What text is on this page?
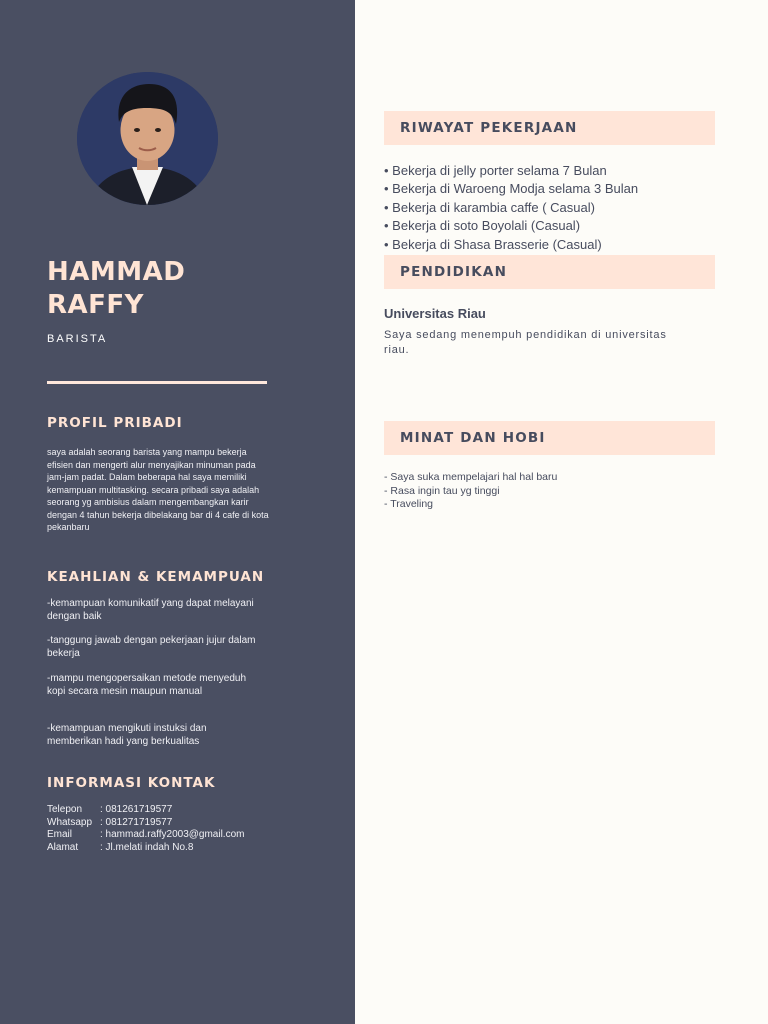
HAMMAD
RAFFY
BARISTA
PROFIL PRIBADI
saya adalah seorang barista yang mampu bekerja efisien dan mengerti alur menyajikan minuman pada jam-jam padat. Dalam beberapa hal saya memiliki kemampuan multitasking. secara pribadi saya adalah seorang yg ambisius dalam mengembangkan karir dengan 4 tahun bekerja dibelakang bar di 4 cafe di kota pekanbaru
KEAHLIAN & KEMAMPUAN
-kemampuan komunikatif yang dapat melayani dengan baik
-tanggung jawab dengan pekerjaan jujur dalam bekerja
-mampu mengopersaikan metode menyeduh kopi secara mesin maupun manual
-kemampuan mengikuti instuksi dan memberikan hadi yang berkualitas
INFORMASI KONTAK
Telepon	: 081261719577
Whatsapp : 081271719577
Email	: hammad.raffy2003@gmail.com
Alamat	: Jl.melati indah No.8
RIWAYAT PEKERJAAN
• Bekerja di jelly porter selama 7 Bulan
• Bekerja di Waroeng Modja selama 3 Bulan
• Bekerja di karambia caffe ( Casual)
• Bekerja di soto Boyolali (Casual)
• Bekerja di Shasa Brasserie (Casual)
PENDIDIKAN
Universitas Riau
Saya sedang menempuh pendidikan di universitas riau.
MINAT DAN HOBI
- Saya suka mempelajari hal hal baru
- Rasa ingin tau yg tinggi
- Traveling
